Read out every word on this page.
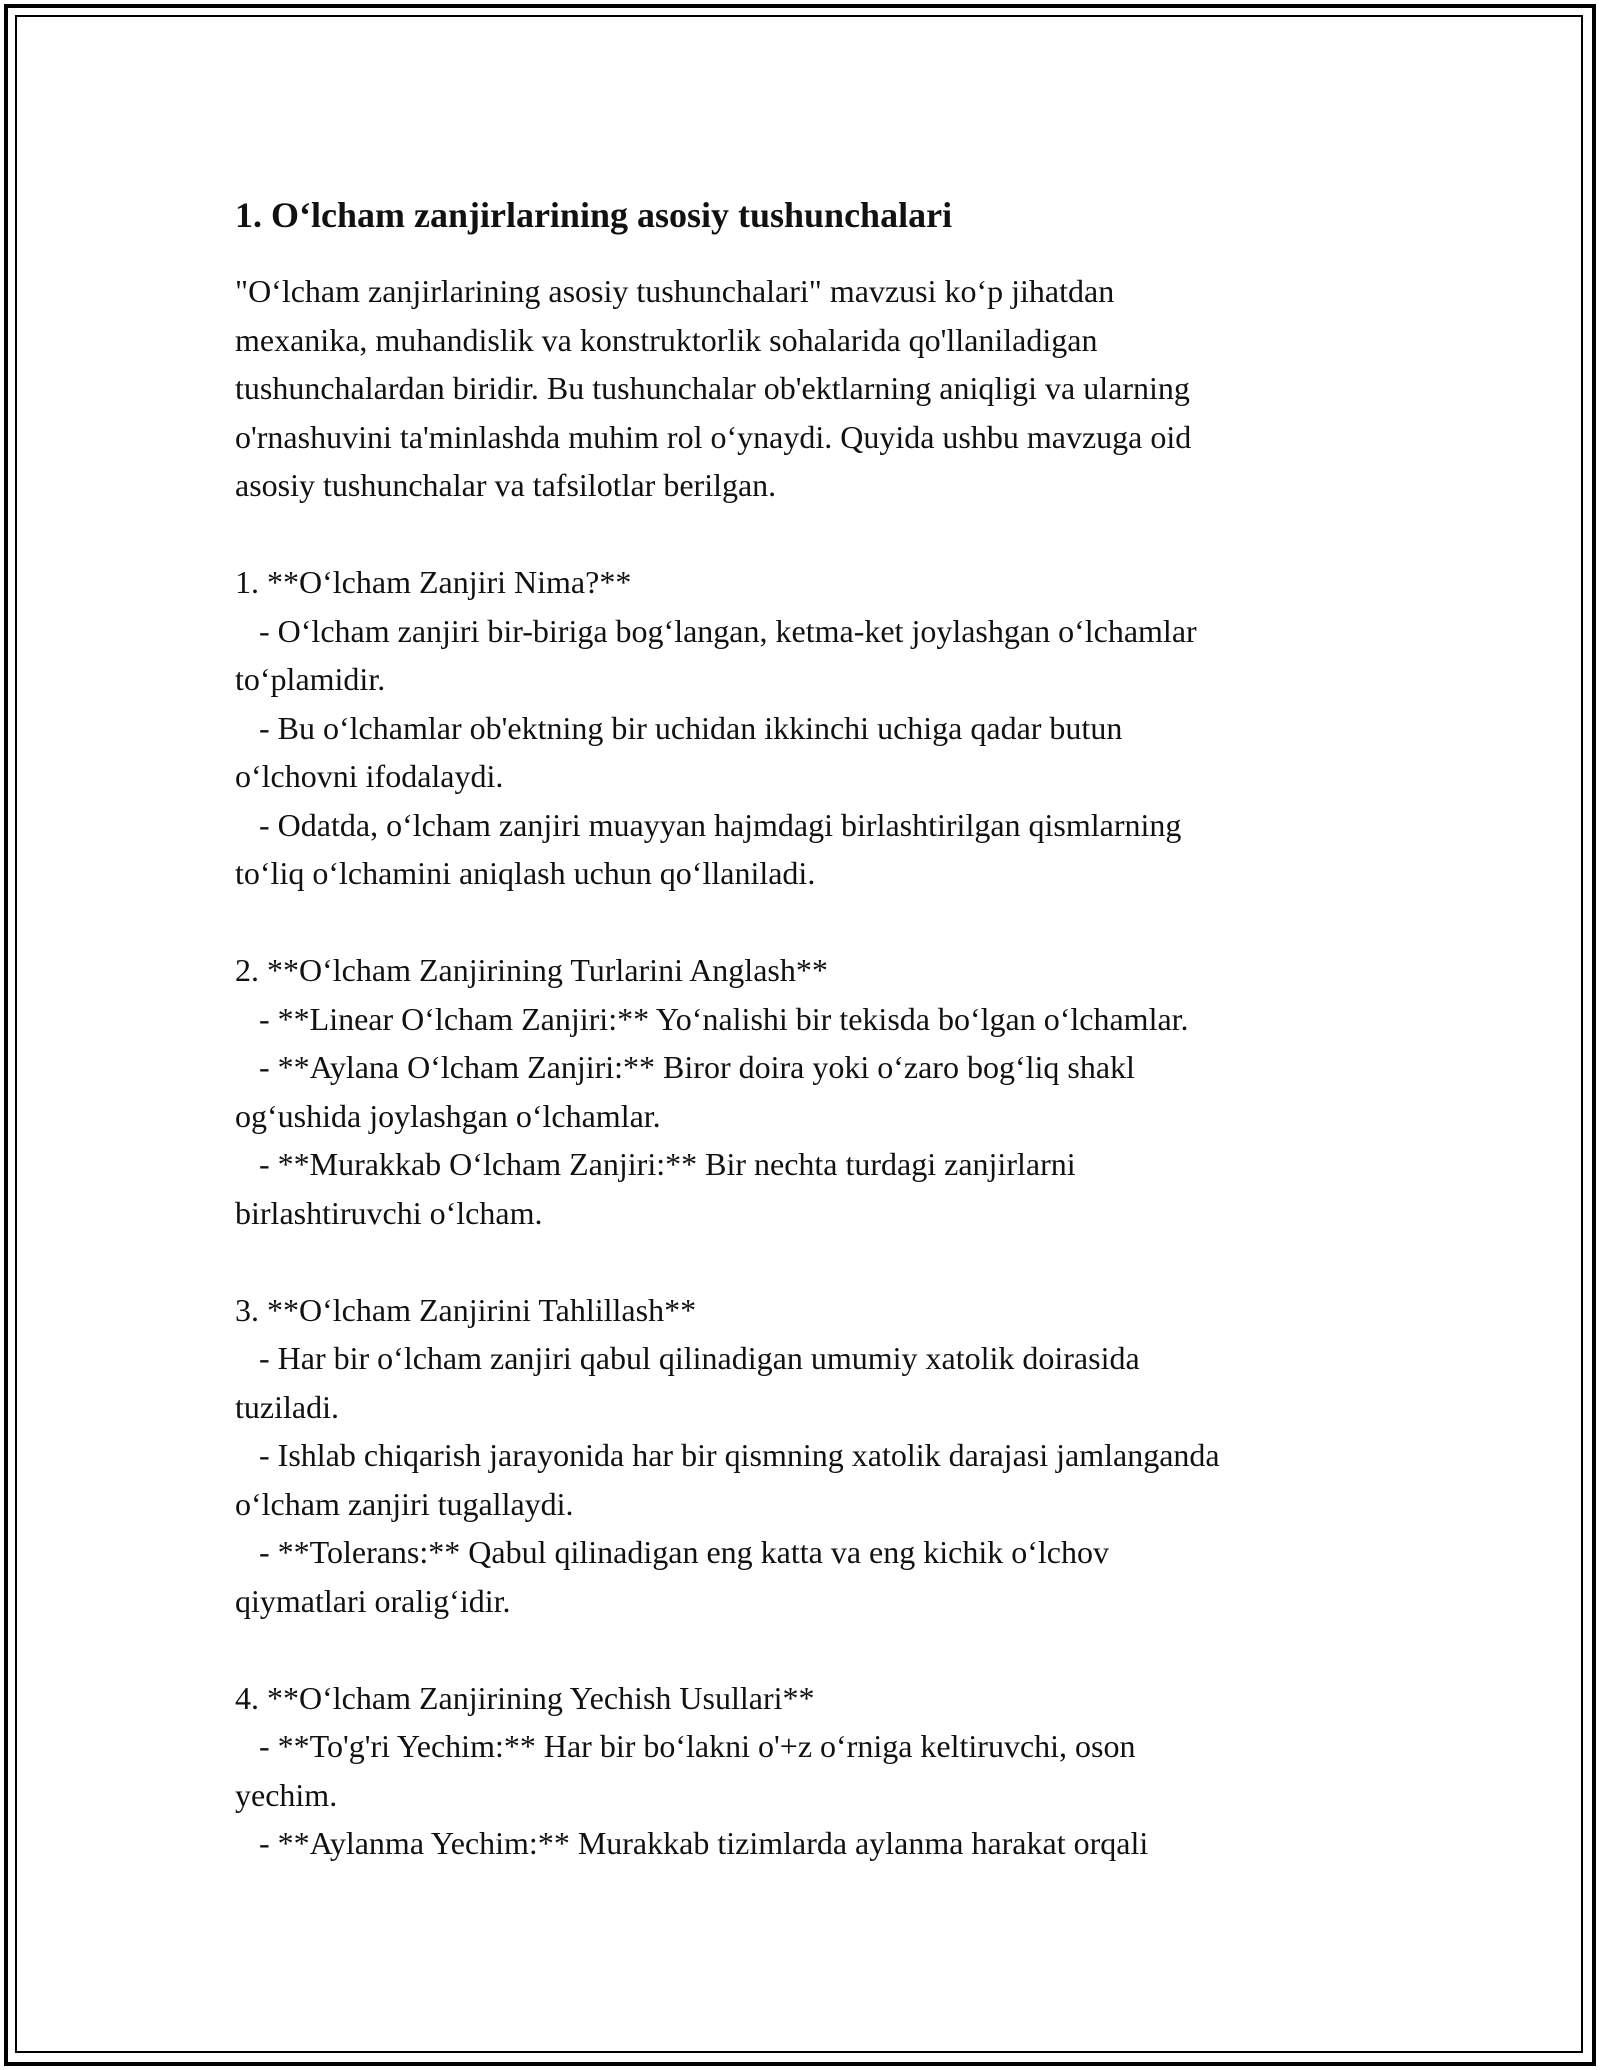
1. Oʻlcham zanjirlarining asosiy tushunchalari
"Oʻlcham zanjirlarining asosiy tushunchalari" mavzusi koʻp jihatdan
mexanika, muhandislik va konstruktorlik sohalarida qo'llaniladigan
tushunchalardan biridir. Bu tushunchalar ob'ektlarning aniqligi va ularning
o'rnashuvini ta'minlashda muhim rol oʻynaydi. Quyida ushbu mavzuga oid
asosiy tushunchalar va tafsilotlar berilgan.
1. **Oʻlcham Zanjiri Nima?**
- Oʻlcham zanjiri bir-biriga bogʻlangan, ketma-ket joylashgan oʻlchamlar
toʻplamidir.
- Bu oʻlchamlar ob'ektning bir uchidan ikkinchi uchiga qadar butun
oʻlchovni ifodalaydi.
- Odatda, oʻlcham zanjiri muayyan hajmdagi birlashtirilgan qismlarning
toʻliq oʻlchamini aniqlash uchun qoʻllaniladi.
2. **Oʻlcham Zanjirining Turlarini Anglash**
- **Linear Oʻlcham Zanjiri:** Yoʻnalishi bir tekisda boʻlgan oʻlchamlar.
- **Aylana Oʻlcham Zanjiri:** Biror doira yoki oʻzaro bogʻliq shakl
ogʻushida joylashgan oʻlchamlar.
- **Murakkab Oʻlcham Zanjiri:** Bir nechta turdagi zanjirlarni
birlashtiruvchi oʻlcham.
3. **Oʻlcham Zanjirini Tahlillash**
- Har bir oʻlcham zanjiri qabul qilinadigan umumiy xatolik doirasida
tuziladi.
- Ishlab chiqarish jarayonida har bir qismning xatolik darajasi jamlanganda
oʻlcham zanjiri tugallaydi.
- **Tolerans:** Qabul qilinadigan eng katta va eng kichik oʻlchov
qiymatlari oraligʻidir.
4. **Oʻlcham Zanjirining Yechish Usullari**
- **To'g'ri Yechim:** Har bir boʻlakni o'+z oʻrniga keltiruvchi, oson
yechim.
- **Aylanma Yechim:** Murakkab tizimlarda aylanma harakat orqali
